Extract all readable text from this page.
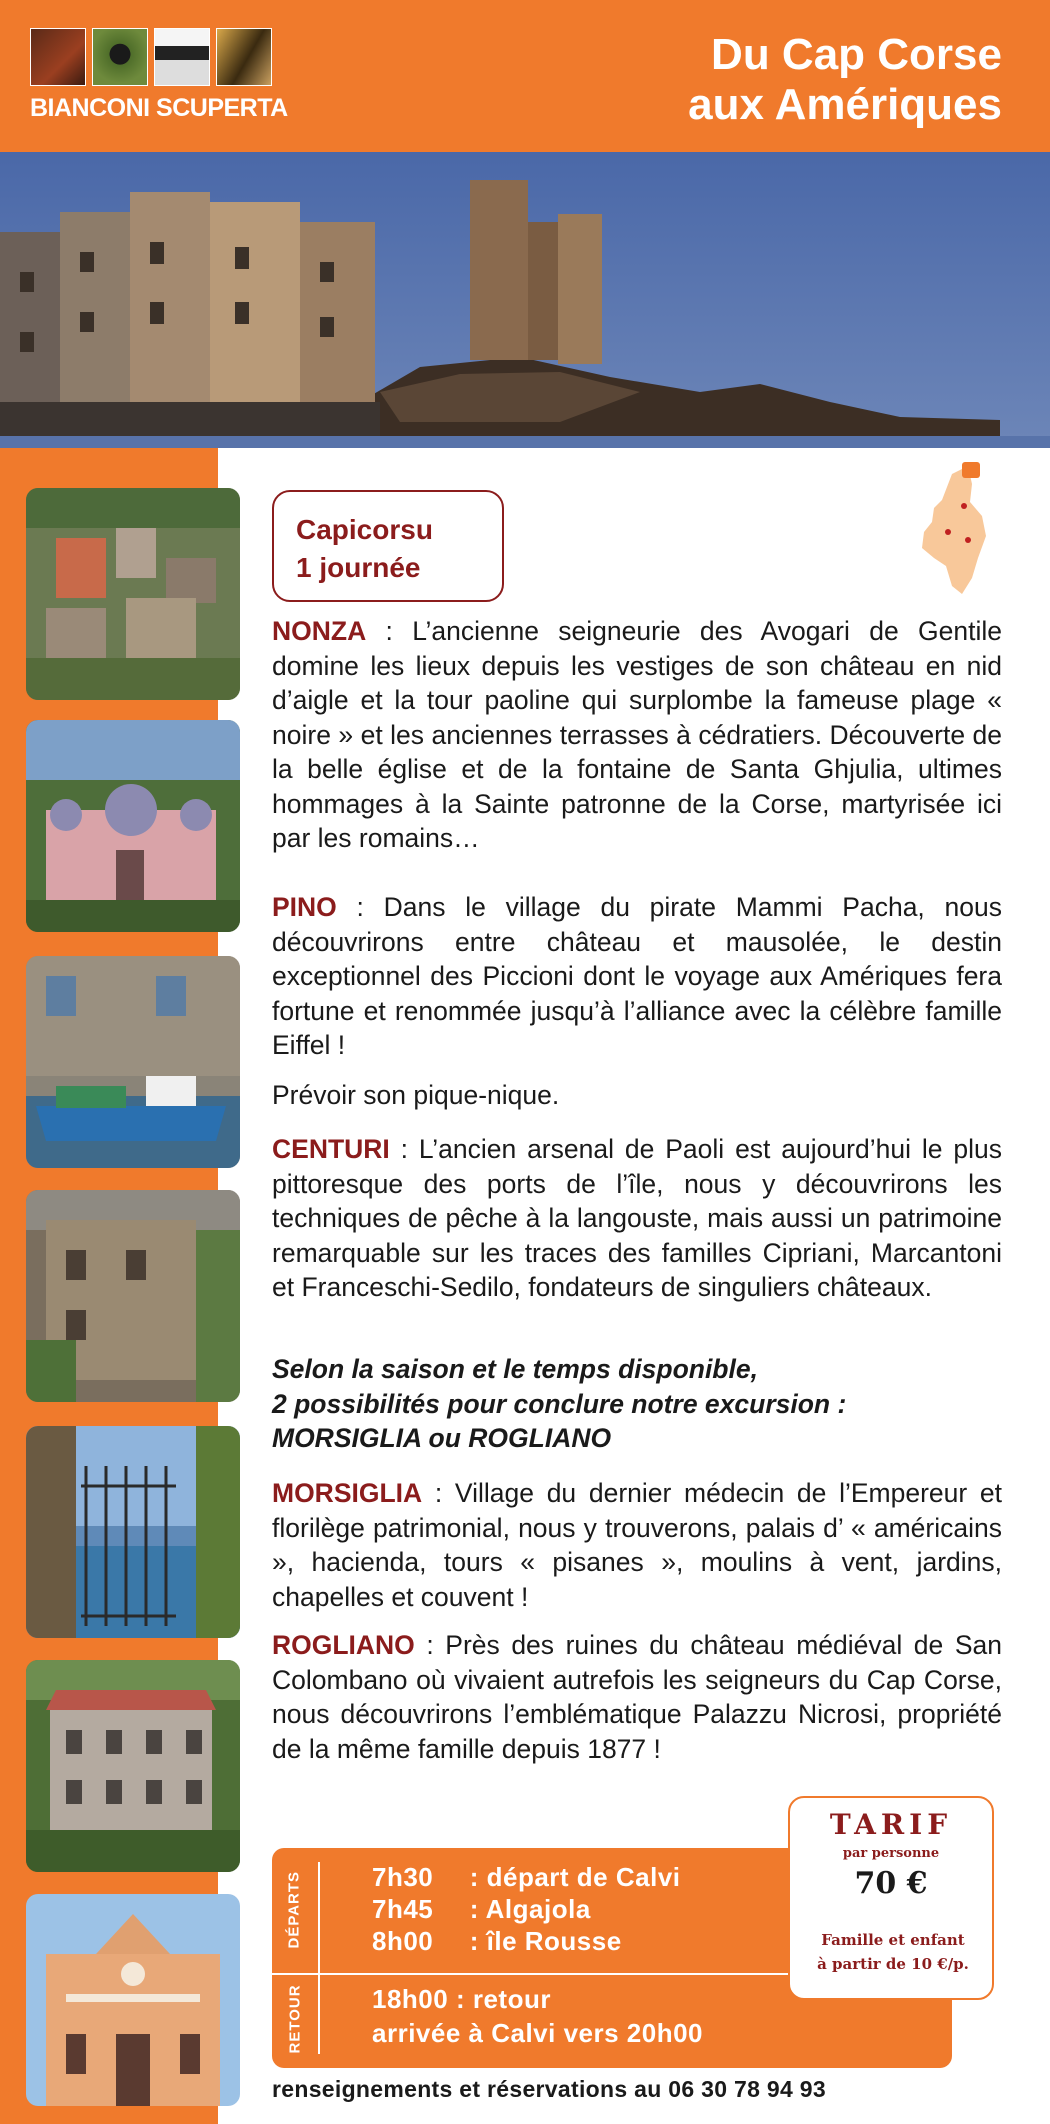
BIANCONI SCUPERTA
Du Cap Corse
aux Amériques
Capicorsu
1 journée
NONZA : L’ancienne seigneurie des Avogari de Gentile domine les lieux depuis les vestiges de son château en nid d’aigle et la tour paoline qui surplombe la fameuse plage « noire » et les anciennes terrasses à cédratiers. Découverte de la belle église et de la fontaine de Santa Ghjulia, ultimes hommages à la Sainte patronne de la Corse, martyrisée ici par les romains…
PINO : Dans le village du pirate Mammi Pacha, nous découvrirons entre château et mausolée, le destin exceptionnel des Piccioni dont le voyage aux Amériques fera fortune et renommée jusqu’à l’alliance avec la célèbre famille Eiffel !
Prévoir son pique-nique.
CENTURI : L’ancien arsenal de Paoli est aujourd’hui le plus pittoresque des ports de l’île, nous y découvrirons les techniques de pêche à la langouste, mais aussi un patrimoine remarquable sur les traces des familles Cipriani, Marcantoni et Franceschi-Sedilo, fondateurs de singuliers châteaux.
Selon la saison et le temps disponible,
2 possibilités pour conclure notre excursion :
MORSIGLIA ou ROGLIANO
MORSIGLIA : Village du dernier médecin de l’Empereur et florilège patrimonial, nous y trouverons, palais d’ « américains », hacienda, tours « pisanes », moulins à vent, jardins, chapelles et couvent !
ROGLIANO : Près des ruines du château médiéval de San Colombano où vivaient autrefois les seigneurs du Cap Corse, nous découvrirons l’emblématique Palazzu Nicrosi, propriété de la même famille depuis 1877 !
DÉPARTS
RETOUR
7h30 : départ de Calvi
7h45 : Algajola
8h00 : île Rousse
18h00 : retour
arrivée à Calvi vers 20h00
TARIF
par personne
70 €
Famille et enfant
à partir de 10 €/p.
renseignements et réservations au 06 30 78 94 93
